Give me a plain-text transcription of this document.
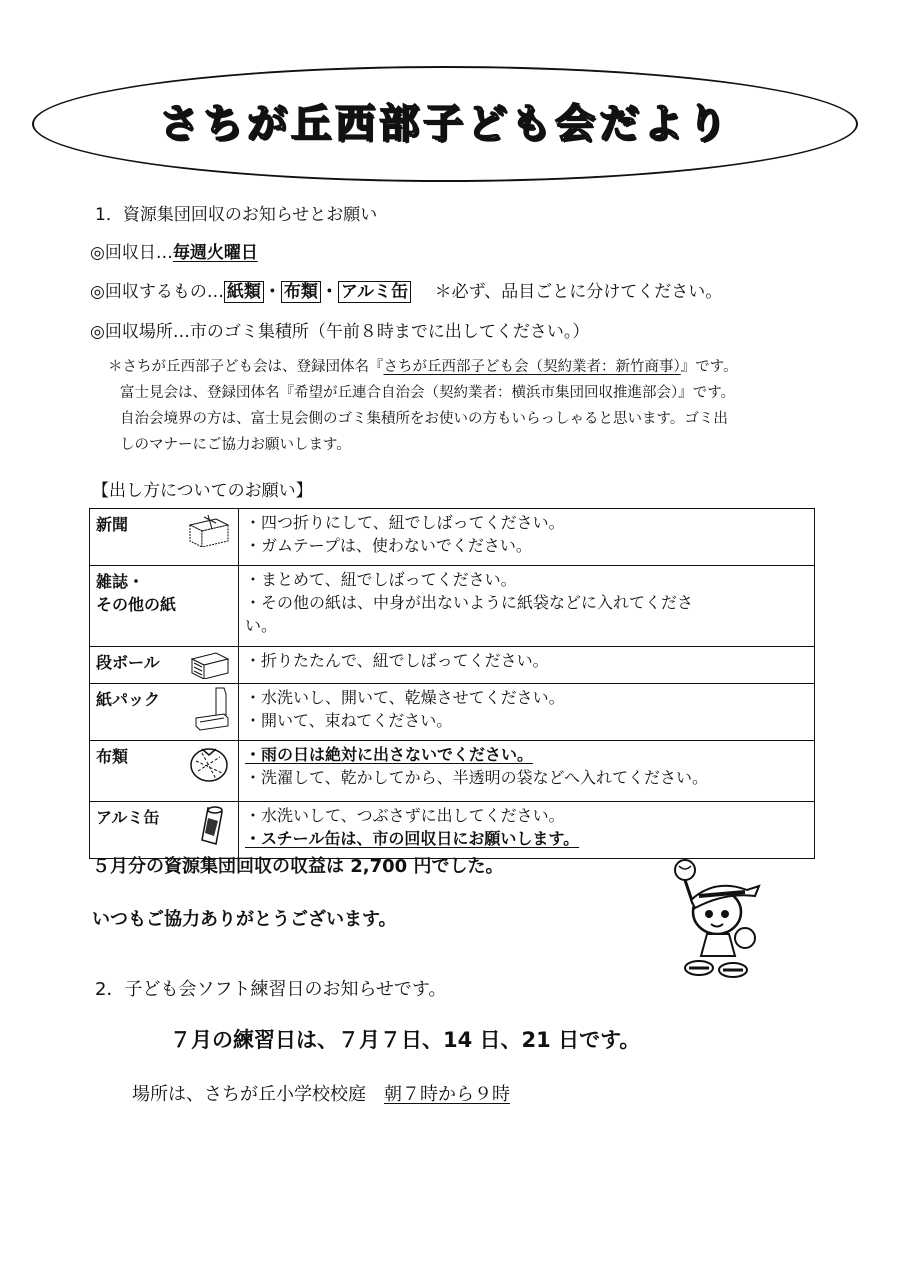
さちが丘西部子ども会だより
1．資源集団回収のお知らせとお願い
◎回収日…毎週火曜日
◎回収するもの… 紙類 ・ 布類 ・ アルミ缶 ＊必ず、品目ごとに分けてください。
◎回収場所…市のゴミ集積所（午前８時までに出してください。）
＊さちが丘西部子ども会は、登録団体名『さちが丘西部子ども会（契約業者：新竹商事）』です。
富士見会は、登録団体名『希望が丘連合自治会（契約業者：横浜市集団回収推進部会）』です。
自治会境界の方は、富士見会側のゴミ集積所をお使いの方もいらっしゃると思います。ゴミ出
しのマナーにご協力お願いします。
【出し方についてのお願い】
新聞	・四つ折りにして、紐でしばってください。
・ガムテープは、使わないでください。

雑誌・
その他の紙	・まとめて、紐でしばってください。
・その他の紙は、中身が出ないように紙袋などに入れてくださ
い。

段ボール	・折りたたんで、紐でしばってください。

紙パック	・水洗いし、開いて、乾燥させてください。
・開いて、束ねてください。

布類	・雨の日は絶対に出さないでください。
・洗濯して、乾かしてから、半透明の袋などへ入れてください。

アルミ缶	・水洗いして、つぶさずに出してください。
・スチール缶は、市の回収日にお願いします。
５月分の資源集団回収の収益は 2,700 円でした。
いつもご協力ありがとうございます。
2．子ども会ソフト練習日のお知らせです。
７月の練習日は、７月７日、14 日、21 日です。
場所は、さちが丘小学校校庭 朝７時から９時
